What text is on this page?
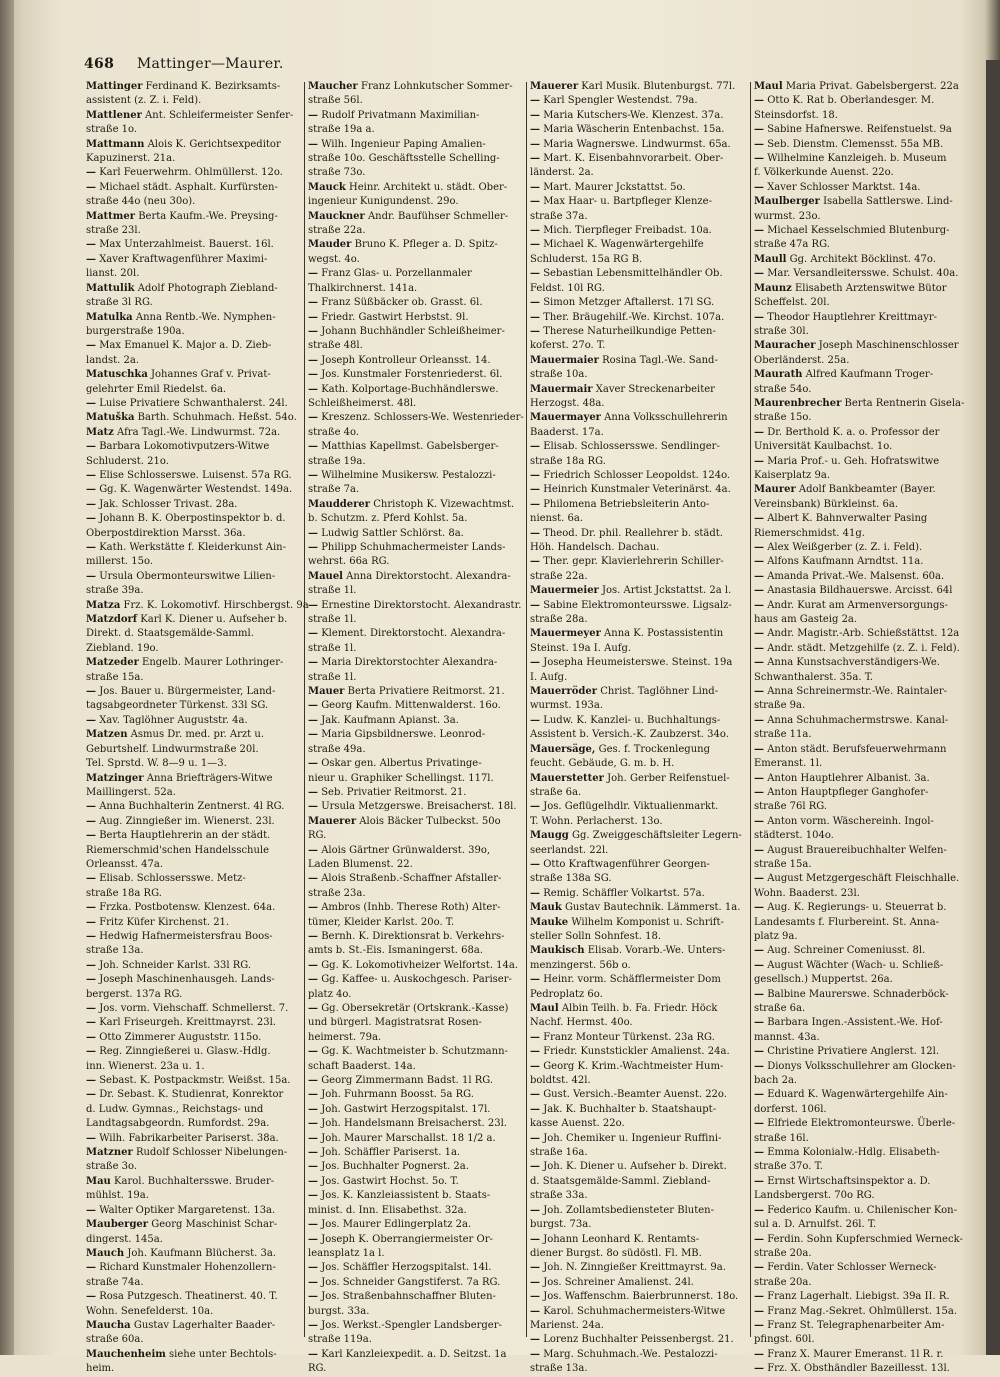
468 Mattinger—Maurer.
Mattinger Ferdinand K. Bezirksamts-
assistent (z. Z. i. Feld).
Mattlener Ant. Schleifermeister Senfer-
straße 1o.
Mattmann Alois K. Gerichtsexpeditor
Kapuzinerst. 21a.
— Karl Feuerwehrm. Ohlmüllerst. 12o.
— Michael städt. Asphalt. Kurfürsten-
straße 44o (neu 30o).
Mattmer Berta Kaufm.-We. Preysing-
straße 23l.
— Max Unterzahlmeist. Bauerst. 16l.
— Xaver Kraftwagenführer Maximi-
lianst. 20l.
Mattulik Adolf Photograph Ziebland-
straße 3l RG.
Matulka Anna Rentb.-We. Nymphen-
burgerstraße 190a.
— Max Emanuel K. Major a. D. Zieb-
landst. 2a.
Matuschka Johannes Graf v. Privat-
gelehrter Emil Riedelst. 6a.
— Luise Privatiere Schwanthalerst. 24l.
Matuška Barth. Schuhmach. Heßst. 54o.
Matz Afra Tagl.-We. Lindwurmst. 72a.
— Barbara Lokomotivputzers-Witwe
Schluderst. 21o.
— Elise Schlosserswe. Luisenst. 57a RG.
— Gg. K. Wagenwärter Westendst. 149a.
— Jak. Schlosser Trivast. 28a.
— Johann B. K. Oberpostinspektor b. d.
Oberpostdirektion Marsst. 36a.
— Kath. Werkstätte f. Kleiderkunst Ain-
millerst. 15o.
— Ursula Obermonteurswitwe Lilien-
straße 39a.
Matza Frz. K. Lokomotivf. Hirschbergst. 9a
Matzdorf Karl K. Diener u. Aufseher b.
Direkt. d. Staatsgemälde-Samml.
Ziebland. 19o.
Matzeder Engelb. Maurer Lothringer-
straße 15a.
— Jos. Bauer u. Bürgermeister, Land-
tagsabgeordneter Türkenst. 33l SG.
— Xav. Taglöhner Auguststr. 4a.
Matzen Asmus Dr. med. pr. Arzt u.
Geburtshelf. Lindwurmstraße 20l.
Tel. Sprstd. W. 8—9 u. 1—3.
Matzinger Anna Briefträgers-Witwe
Maillingerst. 52a.
— Anna Buchhalterin Zentnerst. 4l RG.
— Aug. Zinngießer im. Wienerst. 23l.
— Berta Hauptlehrerin an der städt.
Riemerschmid'schen Handelsschule
Orleansst. 47a.
— Elisab. Schlossersswe. Metz-
straße 18a RG.
— Frzka. Postbotensw. Klenzest. 64a.
— Fritz Küfer Kirchenst. 21.
— Hedwig Hafnermeistersfrau Boos-
straße 13a.
— Joh. Schneider Karlst. 33l RG.
— Joseph Maschinenhausgeh. Lands-
bergerst. 137a RG.
— Jos. vorm. Viehschaff. Schmellerst. 7.
— Karl Friseurgeh. Kreittmayrst. 23l.
— Otto Zimmerer Auguststr. 115o.
— Reg. Zinngießerei u. Glasw.-Hdlg.
inn. Wienerst. 23a u. 1.
— Sebast. K. Postpackmstr. Weißst. 15a.
— Dr. Sebast. K. Studienrat, Konrektor
d. Ludw. Gymnas., Reichstags- und
Landtagsabgeordn. Rumfordst. 29a.
— Wilh. Fabrikarbeiter Pariserst. 38a.
Matzner Rudolf Schlosser Nibelungen-
straße 3o.
Mau Karol. Buchhaltersswe. Bruder-
mühlst. 19a.
— Walter Optiker Margaretenst. 13a.
Mauberger Georg Maschinist Schar-
dingerst. 145a.
Mauch Joh. Kaufmann Blücherst. 3a.
— Richard Kunstmaler Hohenzollern-
straße 74a.
— Rosa Putzgesch. Theatinerst. 40. T.
Wohn. Senefelderst. 10a.
Maucha Gustav Lagerhalter Baader-
straße 60a.
Mauchenheim siehe unter Bechtols-
heim.
Maucher Franz Lohnkutscher Sommer-
straße 56l.
— Rudolf Privatmann Maximilian-
straße 19a a.
— Wilh. Ingenieur Paping Amalien-
straße 10o. Geschäftsstelle Schelling-
straße 73o.
Mauck Heinr. Architekt u. städt. Ober-
ingenieur Kunigundenst. 29o.
Mauckner Andr. Baufühser Schmeller-
straße 22a.
Mauder Bruno K. Pfleger a. D. Spitz-
wegst. 4o.
— Franz Glas- u. Porzellanmaler
Thalkirchnerst. 141a.
— Franz Süßbäcker ob. Grasst. 6l.
— Friedr. Gastwirt Herbstst. 9l.
— Johann Buchhändler Schleißheimer-
straße 48l.
— Joseph Kontrolleur Orleansst. 14.
— Jos. Kunstmaler Forstenriederst. 6l.
— Kath. Kolportage-Buchhändlerswe.
Schleißheimerst. 48l.
— Kreszenz. Schlossers-We. Westenrieder-
straße 4o.
— Matthias Kapellmst. Gabelsberger-
straße 19a.
— Wilhelmine Musikersw. Pestalozzi-
straße 7a.
Maudderer Christoph K. Vizewachtmst.
b. Schutzm. z. Pferd Kohlst. 5a.
— Ludwig Sattler Schlörst. 8a.
— Philipp Schuhmachermeister Lands-
wehrst. 66a RG.
Mauel Anna Direktorstocht. Alexandra-
straße 1l.
— Ernestine Direktorstocht. Alexandrastr.
straße 1l.
— Klement. Direktorstocht. Alexandra-
straße 1l.
— Maria Direktorstochter Alexandra-
straße 1l.
Mauer Berta Privatiere Reitmorst. 21.
— Georg Kaufm. Mittenwalderst. 16o.
— Jak. Kaufmann Apianst. 3a.
— Maria Gipsbildnerswe. Leonrod-
straße 49a.
— Oskar gen. Albertus Privatinge-
nieur u. Graphiker Schellingst. 117l.
— Seb. Privatier Reitmorst. 21.
— Ursula Metzgerswe. Breisacherst. 18l.
Mauerer Alois Bäcker Tulbeckst. 50o
RG.
— Alois Gärtner Grünwalderst. 39o,
Laden Blumenst. 22.
— Alois Straßenb.-Schaffner Afstaller-
straße 23a.
— Ambros (Inhb. Therese Roth) Alter-
tümer, Kleider Karlst. 20o. T.
— Bernh. K. Direktionsrat b. Verkehrs-
amts b. St.-Eis. Ismaningerst. 68a.
— Gg. K. Lokomotivheizer Welfortst. 14a.
— Gg. Kaffee- u. Auskochgesch. Pariser-
platz 4o.
— Gg. Obersekretär (Ortskrank.-Kasse)
und bürgerl. Magistratsrat Rosen-
heimerst. 79a.
— Gg. K. Wachtmeister b. Schutzmann-
schaft Baaderst. 14a.
— Georg Zimmermann Badst. 1l RG.
— Joh. Fuhrmann Boosst. 5a RG.
— Joh. Gastwirt Herzogspitalst. 17l.
— Joh. Handelsmann Breisacherst. 23l.
— Joh. Maurer Marschallst. 18 1/2 a.
— Joh. Schäffler Pariserst. 1a.
— Jos. Buchhalter Pognerst. 2a.
— Jos. Gastwirt Hochst. 5o. T.
— Jos. K. Kanzleiassistent b. Staats-
minist. d. Inn. Elisabethst. 32a.
— Jos. Maurer Edlingerplatz 2a.
— Joseph K. Oberrangiermeister Or-
leansplatz 1a l.
— Jos. Schäffler Herzogspitalst. 14l.
— Jos. Schneider Gangstiferst. 7a RG.
— Jos. Straßenbahnschaffner Bluten-
burgst. 33a.
— Jos. Werkst.-Spengler Landsberger-
straße 119a.
— Karl Kanzleiexpedit. a. D. Seitzst. 1a
RG.
Mauerer Karl Musik. Blutenburgst. 77l.
— Karl Spengler Westendst. 79a.
— Maria Kutschers-We. Klenzest. 37a.
— Maria Wäscherin Entenbachst. 15a.
— Maria Wagnerswe. Lindwurmst. 65a.
— Mart. K. Eisenbahnvorarbeit. Ober-
länderst. 2a.
— Mart. Maurer Jckstattst. 5o.
— Max Haar- u. Bartpfleger Klenze-
straße 37a.
— Mich. Tierpfleger Freibadst. 10a.
— Michael K. Wagenwärtergehilfe
Schluderst. 15a RG B.
— Sebastian Lebensmittelhändler Ob.
Feldst. 10l RG.
— Simon Metzger Aftallerst. 17l SG.
— Ther. Bräugehilf.-We. Kirchst. 107a.
— Therese Naturheilkundige Petten-
koferst. 27o. T.
Mauermaier Rosina Tagl.-We. Sand-
straße 10a.
Mauermair Xaver Streckenarbeiter
Herzogst. 48a.
Mauermayer Anna Volksschullehrerin
Baaderst. 17a.
— Elisab. Schlossersswe. Sendlinger-
straße 18a RG.
— Friedrich Schlosser Leopoldst. 124o.
— Heinrich Kunstmaler Veterinärst. 4a.
— Philomena Betriebsleiterin Anto-
nienst. 6a.
— Theod. Dr. phil. Reallehrer b. städt.
Höh. Handelsch. Dachau.
— Ther. gepr. Klavierlehrerin Schiller-
straße 22a.
Mauermeier Jos. Artist Jckstattst. 2a l.
— Sabine Elektromonteursswe. Ligsalz-
straße 28a.
Mauermeyer Anna K. Postassistentin
Steinst. 19a I. Aufg.
— Josepha Heumeisterswe. Steinst. 19a
I. Aufg.
Mauerröder Christ. Taglöhner Lind-
wurmst. 193a.
— Ludw. K. Kanzlei- u. Buchhaltungs-
Assistent b. Versich.-K. Zaubzerst. 34o.
Mauersäge, Ges. f. Trockenlegung
feucht. Gebäude, G. m. b. H.
Mauerstetter Joh. Gerber Reifenstuel-
straße 6a.
— Jos. Geflügelhdlr. Viktualienmarkt.
T. Wohn. Perlacherst. 13o.
Maugg Gg. Zweiggeschäftsleiter Legern-
seerlandst. 22l.
— Otto Kraftwagenführer Georgen-
straße 138a SG.
— Remig. Schäffler Volkartst. 57a.
Mauk Gustav Bautechnik. Lämmerst. 1a.
Mauke Wilhelm Komponist u. Schrift-
steller Solln Sohnfest. 18.
Maukisch Elisab. Vorarb.-We. Unters-
menzingerst. 56b o.
— Heinr. vorm. Schäfflermeister Dom
Pedroplatz 6o.
Maul Albin Teilh. b. Fa. Friedr. Höck
Nachf. Hermst. 40o.
— Franz Monteur Türkenst. 23a RG.
— Friedr. Kunststickler Amalienst. 24a.
— Georg K. Krim.-Wachtmeister Hum-
boldtst. 42l.
— Gust. Versich.-Beamter Auenst. 22o.
— Jak. K. Buchhalter b. Staatshaupt-
kasse Auenst. 22o.
— Joh. Chemiker u. Ingenieur Ruffini-
straße 16a.
— Joh. K. Diener u. Aufseher b. Direkt.
d. Staatsgemälde-Samml. Ziebland-
straße 33a.
— Joh. Zollamtsbediensteter Bluten-
burgst. 73a.
— Johann Leonhard K. Rentamts-
diener Burgst. 8o südöstl. Fl. MB.
— Joh. N. Zinngießer Kreittmayrst. 9a.
— Jos. Schreiner Amalienst. 24l.
— Jos. Waffenschm. Baierbrunnerst. 18o.
— Karol. Schuhmachermeisters-Witwe
Marienst. 24a.
— Lorenz Buchhalter Peissenbergst. 21.
— Marg. Schuhmach.-We. Pestalozzi-
straße 13a.
Maul Maria Privat. Gabelsbergerst. 22a
— Otto K. Rat b. Oberlandesger. M.
Steinsdorfst. 18.
— Sabine Hafnerswe. Reifenstuelst. 9a
— Seb. Dienstm. Clemensst. 55a MB.
— Wilhelmine Kanzleigeh. b. Museum
f. Völkerkunde Auenst. 22o.
— Xaver Schlosser Marktst. 14a.
Maulberger Isabella Sattlerswe. Lind-
wurmst. 23o.
— Michael Kesselschmied Blutenburg-
straße 47a RG.
Maull Gg. Architekt Böcklinst. 47o.
— Mar. Versandleitersswe. Schulst. 40a.
Maunz Elisabeth Arztenswitwe Bütor
Scheffelst. 20l.
— Theodor Hauptlehrer Kreittmayr-
straße 30l.
Mauracher Joseph Maschinenschlosser
Oberländerst. 25a.
Maurath Alfred Kaufmann Troger-
straße 54o.
Maurenbrecher Berta Rentnerin Gisela-
straße 15o.
— Dr. Berthold K. a. o. Professor der
Universität Kaulbachst. 1o.
— Maria Prof.- u. Geh. Hofratswitwe
Kaiserplatz 9a.
Maurer Adolf Bankbeamter (Bayer.
Vereinsbank) Bürkleinst. 6a.
— Albert K. Bahnverwalter Pasing
Riemerschmidst. 41g.
— Alex Weißgerber (z. Z. i. Feld).
— Alfons Kaufmann Arndtst. 11a.
— Amanda Privat.-We. Malsenst. 60a.
— Anastasia Bildhauerswe. Arcisst. 64l
— Andr. Kurat am Armenversorgungs-
haus am Gasteig 2a.
— Andr. Magistr.-Arb. Schießstättst. 12a
— Andr. städt. Metzgehilfe (z. Z. i. Feld).
— Anna Kunstsachverständigers-We.
Schwanthalerst. 35a. T.
— Anna Schreinermstr.-We. Raintaler-
straße 9a.
— Anna Schuhmachermstrswe. Kanal-
straße 11a.
— Anton städt. Berufsfeuerwehrmann
Emeranst. 1l.
— Anton Hauptlehrer Albanist. 3a.
— Anton Hauptpfleger Ganghofer-
straße 76l RG.
— Anton vorm. Wäschereinh. Ingol-
städterst. 104o.
— August Brauereibuchhalter Welfen-
straße 15a.
— August Metzgergeschäft Fleischhalle.
Wohn. Baaderst. 23l.
— Aug. K. Regierungs- u. Steuerrat b.
Landesamts f. Flurbereint. St. Anna-
platz 9a.
— Aug. Schreiner Comeniusst. 8l.
— August Wächter (Wach- u. Schließ-
gesellsch.) Muppertst. 26a.
— Balbine Maurerswe. Schnaderböck-
straße 6a.
— Barbara Ingen.-Assistent.-We. Hof-
mannst. 43a.
— Christine Privatiere Anglerst. 12l.
— Dionys Volksschullehrer am Glocken-
bach 2a.
— Eduard K. Wagenwärtergehilfe Ain-
dorferst. 106l.
— Elfriede Elektromonteurswe. Überle-
straße 16l.
— Emma Kolonialw.-Hdlg. Elisabeth-
straße 37o. T.
— Ernst Wirtschaftsinspektor a. D.
Landsbergerst. 70o RG.
— Federico Kaufm. u. Chilenischer Kon-
sul a. D. Arnulfst. 26l. T.
— Ferdin. Sohn Kupferschmied Werneck-
straße 20a.
— Ferdin. Vater Schlosser Werneck-
straße 20a.
— Franz Lagerhalt. Liebigst. 39a II. R.
— Franz Mag.-Sekret. Ohlmüllerst. 15a.
— Franz St. Telegraphenarbeiter Am-
pfingst. 60l.
— Franz X. Maurer Emeranst. 1l R. r.
— Frz. X. Obsthändler Bazeillesst. 13l.
